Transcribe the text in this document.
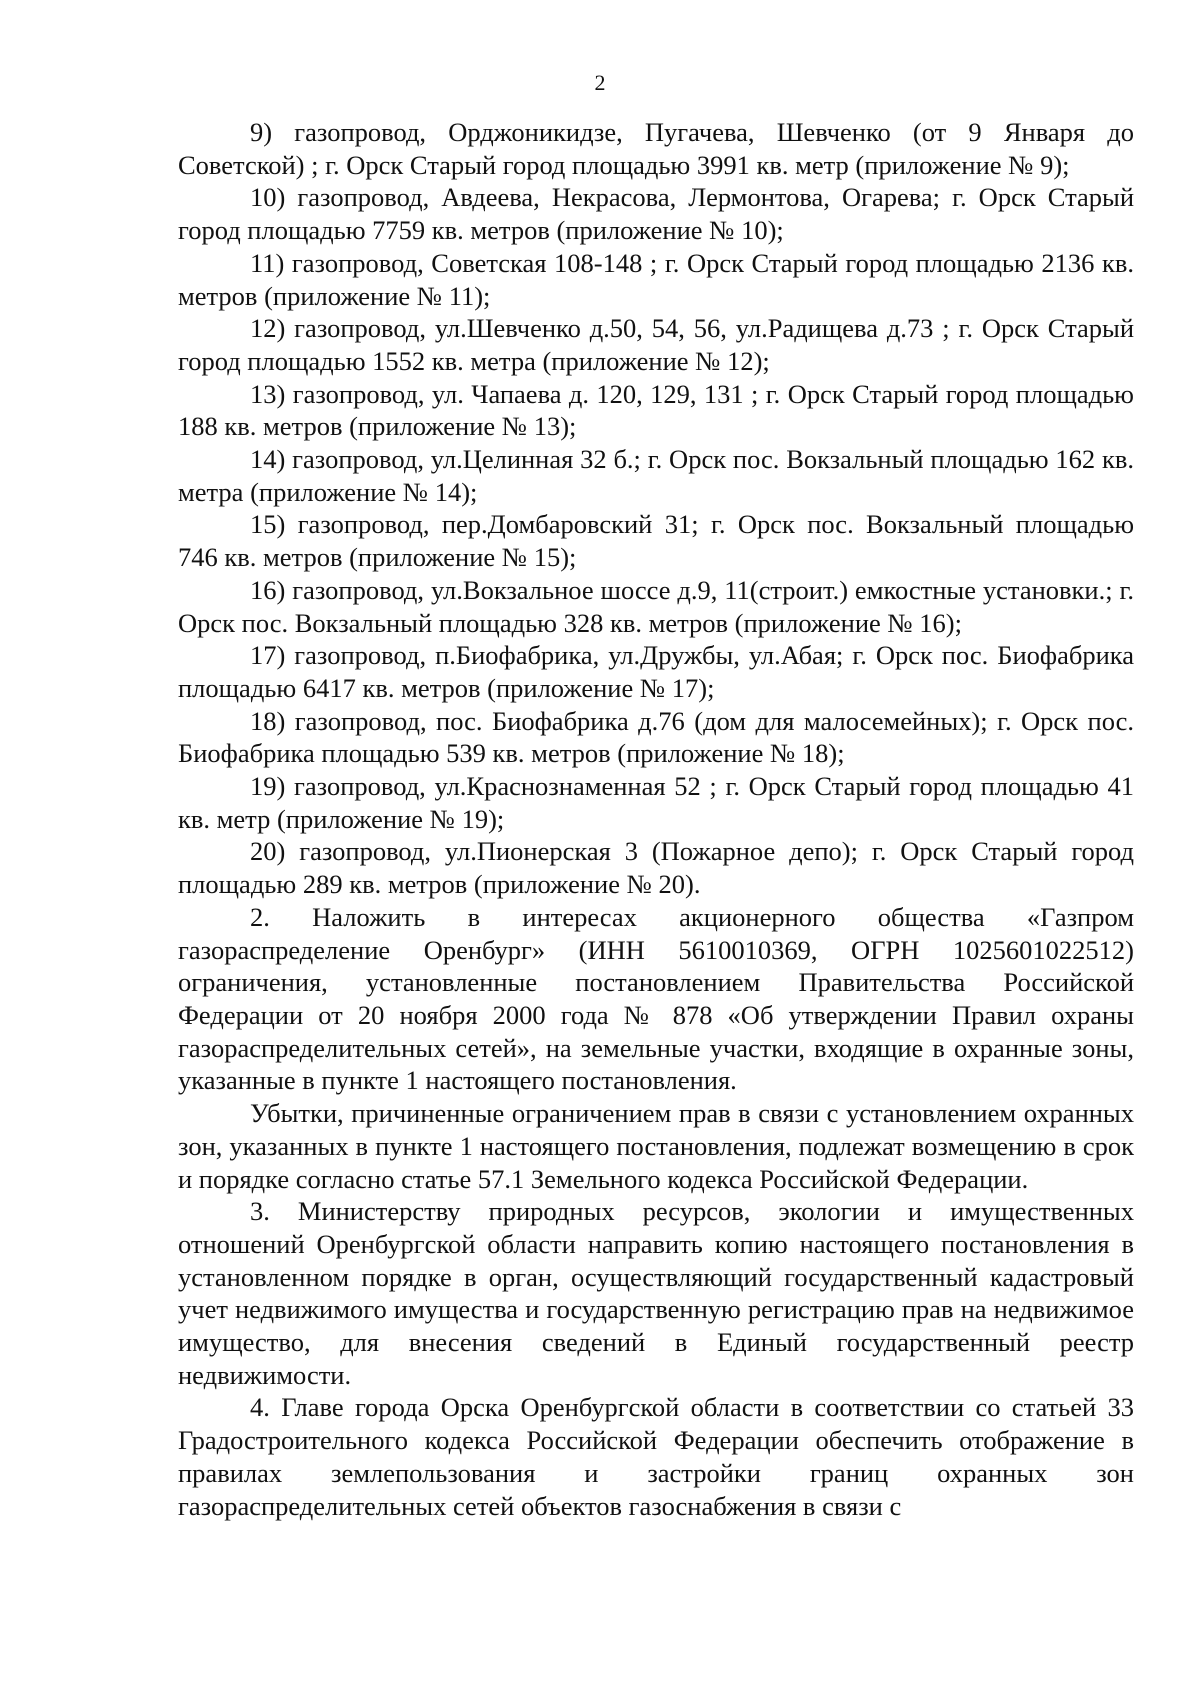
2
9) газопровод, Орджоникидзе, Пугачева, Шевченко (от 9 Января до Советской) ; г. Орск Старый город площадью 3991 кв. метр (приложение № 9);
10) газопровод, Авдеева, Некрасова, Лермонтова, Огарева; г. Орск Старый город площадью 7759 кв. метров (приложение № 10);
11) газопровод, Советская 108-148 ; г. Орск Старый город площадью 2136 кв. метров (приложение № 11);
12) газопровод, ул.Шевченко д.50, 54, 56, ул.Радищева д.73 ; г. Орск Старый город площадью 1552 кв. метра (приложение № 12);
13) газопровод, ул. Чапаева д. 120, 129, 131 ; г. Орск Старый город площадью 188 кв. метров (приложение № 13);
14) газопровод, ул.Целинная 32 б.; г. Орск пос. Вокзальный площадью 162 кв. метра (приложение № 14);
15) газопровод, пер.Домбаровский 31; г. Орск пос. Вокзальный площадью 746 кв. метров (приложение № 15);
16) газопровод, ул.Вокзальное шоссе д.9, 11(строит.) емкостные установки.; г. Орск пос. Вокзальный площадью 328 кв. метров (приложение № 16);
17) газопровод, п.Биофабрика, ул.Дружбы, ул.Абая; г. Орск пос. Биофабрика площадью 6417 кв. метров (приложение № 17);
18) газопровод, пос. Биофабрика д.76 (дом для малосемейных); г. Орск пос. Биофабрика площадью 539 кв. метров (приложение № 18);
19) газопровод, ул.Краснознаменная 52 ; г. Орск Старый город площадью 41 кв. метр (приложение № 19);
20) газопровод, ул.Пионерская 3 (Пожарное депо); г. Орск Старый город площадью 289 кв. метров (приложение № 20).

2. Наложить в интересах акционерного общества «Газпром газораспределение Оренбург» (ИНН 5610010369, ОГРН 1025601022512) ограничения, установленные постановлением Правительства Российской Федерации от 20 ноября 2000 года № 878 «Об утверждении Правил охраны газораспределительных сетей», на земельные участки, входящие в охранные зоны, указанные в пункте 1 настоящего постановления.

Убытки, причиненные ограничением прав в связи с установлением охранных зон, указанных в пункте 1 настоящего постановления, подлежат возмещению в срок и порядке согласно статье 57.1 Земельного кодекса Российской Федерации.

3. Министерству природных ресурсов, экологии и имущественных отношений Оренбургской области направить копию настоящего постановления в установленном порядке в орган, осуществляющий государственный кадастровый учет недвижимого имущества и государственную регистрацию прав на недвижимое имущество, для внесения сведений в Единый государственный реестр недвижимости.

4. Главе города Орска Оренбургской области в соответствии со статьей 33 Градостроительного кодекса Российской Федерации обеспечить отображение в правилах землепользования и застройки границ охранных зон газораспределительных сетей объектов газоснабжения в связи с
